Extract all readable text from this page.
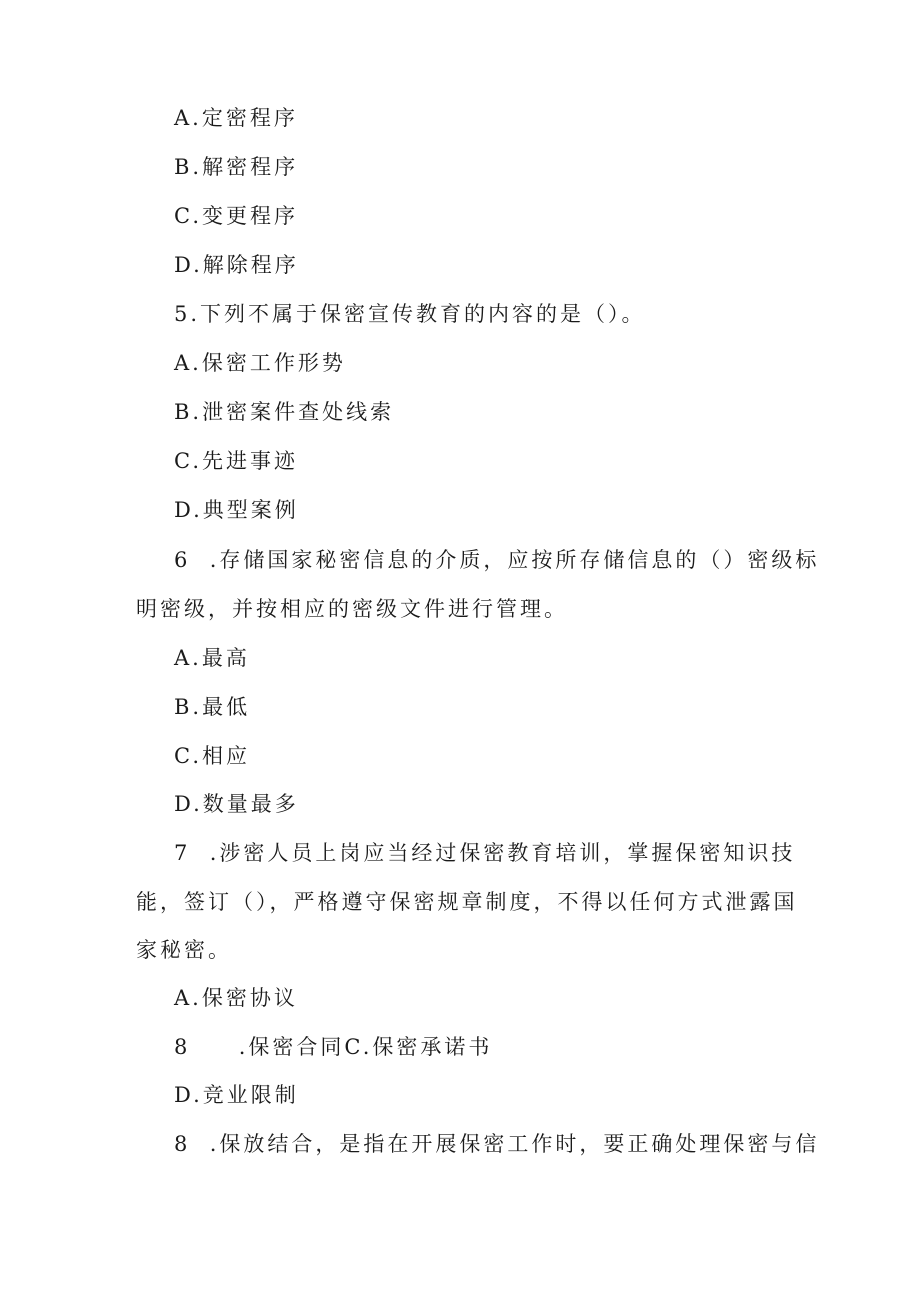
A.定密程序
B.解密程序
C.变更程序
D.解除程序
5.下列不属于保密宣传教育的内容的是（）。
A.保密工作形势
B.泄密案件查处线索
C.先进事迹
D.典型案例
6  .存储国家秘密信息的介质，应按所存储信息的（）密级标
明密级，并按相应的密级文件进行管理。
A.最高
B.最低
C.相应
D.数量最多
7  .涉密人员上岗应当经过保密教育培训，掌握保密知识技
能，签订（），严格遵守保密规章制度，不得以任何方式泄露国
家秘密。
A.保密协议
8     .保密合同C.保密承诺书
D.竞业限制
8  .保放结合，是指在开展保密工作时，要正确处理保密与信
